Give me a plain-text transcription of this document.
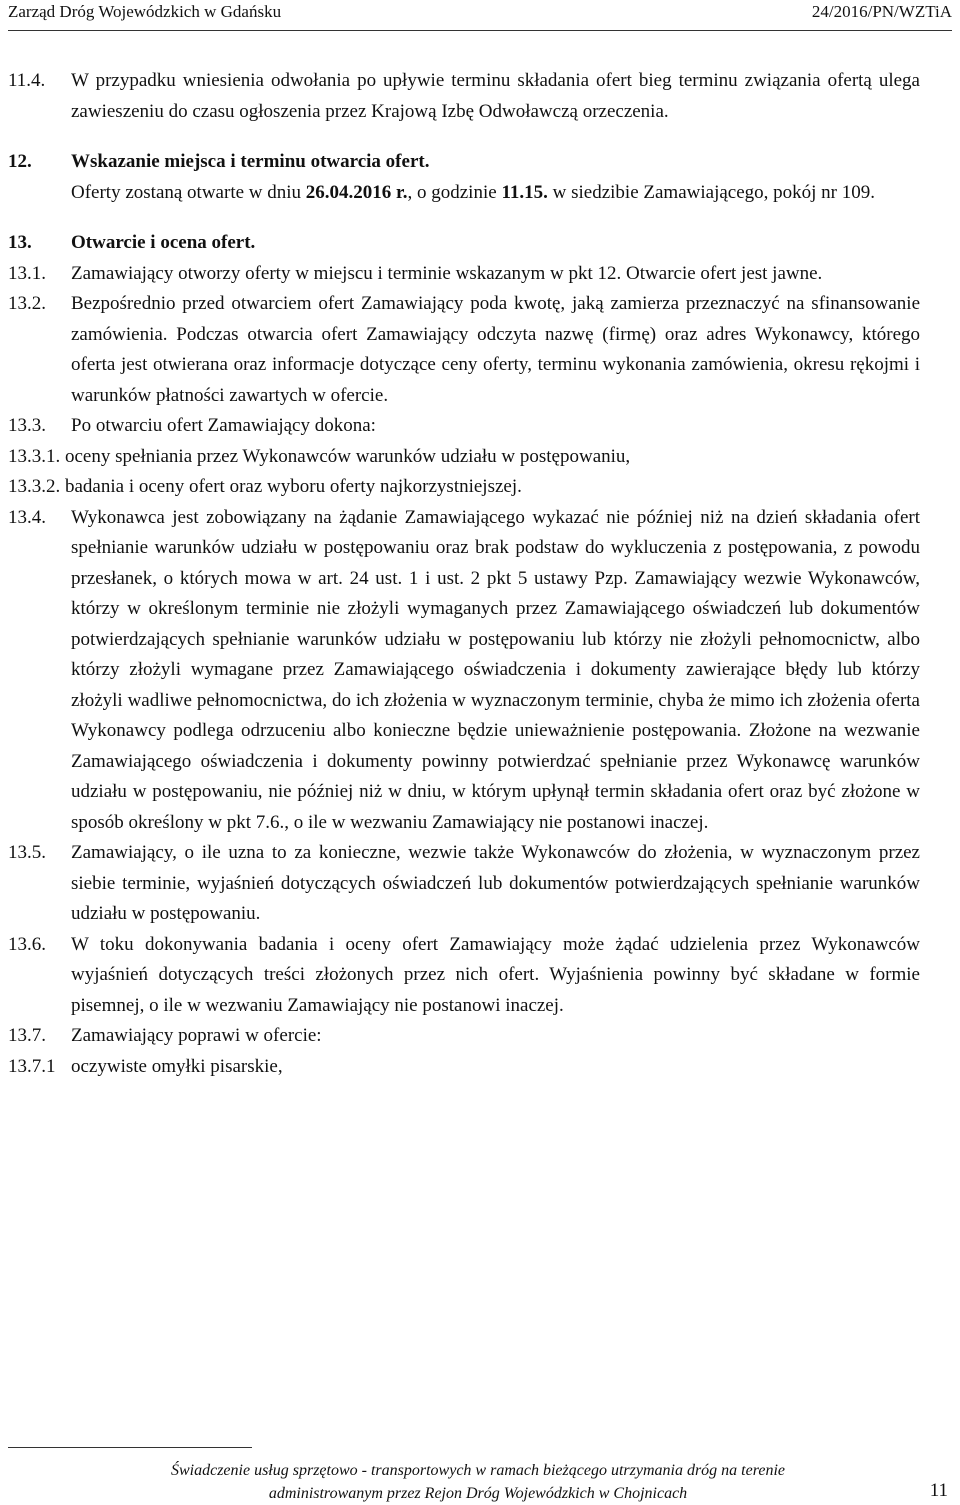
Zarząd Dróg Wojewódzkich w Gdańsku	24/2016/PN/WZTiA
11.4.	W przypadku wniesienia odwołania po upływie terminu składania ofert bieg terminu związania ofertą ulega zawieszeniu do czasu ogłoszenia przez Krajową Izbę Odwoławczą orzeczenia.
12.	Wskazanie miejsca i terminu otwarcia ofert.
Oferty zostaną otwarte w dniu 26.04.2016 r., o godzinie 11.15. w siedzibie Zamawiającego, pokój nr 109.
13.	Otwarcie i ocena ofert.
13.1.	Zamawiający otworzy oferty w miejscu i terminie wskazanym w pkt 12. Otwarcie ofert jest jawne.
13.2.	Bezpośrednio przed otwarciem ofert Zamawiający poda kwotę, jaką zamierza przeznaczyć na sfinansowanie zamówienia. Podczas otwarcia ofert Zamawiający odczyta nazwę (firmę) oraz adres Wykonawcy, którego oferta jest otwierana oraz informacje dotyczące ceny oferty, terminu wykonania zamówienia, okresu rękojmi i warunków płatności zawartych w ofercie.
13.3.	Po otwarciu ofert Zamawiający dokona:
13.3.1. oceny spełniania przez Wykonawców warunków udziału w postępowaniu,
13.3.2. badania i oceny ofert oraz wyboru oferty najkorzystniejszej.
13.4.	Wykonawca jest zobowiązany na żądanie Zamawiającego wykazać nie później niż na dzień składania ofert spełnianie warunków udziału w postępowaniu oraz brak podstaw do wykluczenia z postępowania, z powodu przesłanek, o których mowa w art. 24 ust. 1 i ust. 2 pkt 5 ustawy Pzp. Zamawiający wezwie Wykonawców, którzy w określonym terminie nie złożyli wymaganych przez Zamawiającego oświadczeń lub dokumentów potwierdzających spełnianie warunków udziału w postępowaniu lub którzy nie złożyli pełnomocnictw, albo którzy złożyli wymagane przez Zamawiającego oświadczenia i dokumenty zawierające błędy lub którzy złożyli wadliwe pełnomocnictwa, do ich złożenia w wyznaczonym terminie, chyba że mimo ich złożenia oferta Wykonawcy podlega odrzuceniu albo konieczne będzie unieważnienie postępowania. Złożone na wezwanie Zamawiającego oświadczenia i dokumenty powinny potwierdzać spełnianie przez Wykonawcę warunków udziału w postępowaniu, nie później niż w dniu, w którym upłynął termin składania ofert oraz być złożone w sposób określony w pkt 7.6., o ile w wezwaniu Zamawiający nie postanowi inaczej.
13.5.	Zamawiający, o ile uzna to za konieczne, wezwie także Wykonawców do złożenia, w wyznaczonym przez siebie terminie, wyjaśnień dotyczących oświadczeń lub dokumentów potwierdzających spełnianie warunków udziału w postępowaniu.
13.6.	W toku dokonywania badania i oceny ofert Zamawiający może żądać udzielenia przez Wykonawców wyjaśnień dotyczących treści złożonych przez nich ofert. Wyjaśnienia powinny być składane w formie pisemnej, o ile w wezwaniu Zamawiający nie postanowi inaczej.
13.7.	Zamawiający poprawi w ofercie:
13.7.1 oczywiste omyłki pisarskie,
Świadczenie usług sprzętowo - transportowych w ramach bieżącego utrzymania dróg na terenie
administrowanym przez Rejon Dróg Wojewódzkich w Chojnicach	11
